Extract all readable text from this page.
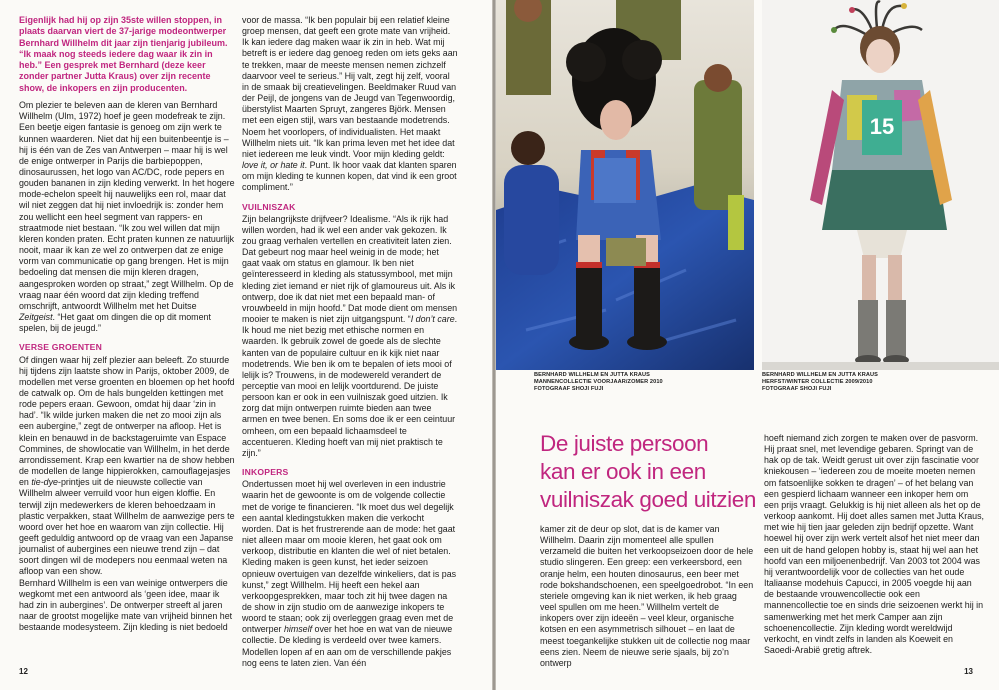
Eigenlijk had hij op zijn 35ste willen stoppen, in plaats daarvan viert de 37-jarige modeontwerper Bernhard Willhelm dit jaar zijn tienjarig jubileum. “Ik maak nog steeds iedere dag waar ik zin in heb.” Een gesprek met Bernhard (deze keer zonder partner Jutta Kraus) over zijn recente show, de inkopers en zijn producenten.

Om plezier te beleven aan de kleren van Bernhard Willhelm (Ulm, 1972) hoef je geen modefreak te zijn. Een beetje eigen fantasie is genoeg om zijn werk te kunnen waarderen. Niet dat hij een buitenbeentje is – hij is één van de Zes van Antwerpen – maar hij is wel de enige ontwerper in Parijs die barbiepoppen, dinosaurussen, het logo van AC/DC, rode pepers en gouden bananen in zijn kleding verwerkt. In het hogere mode-echelon speelt hij nauwelijks een rol, maar dat wil niet zeggen dat hij niet invloedrijk is: zonder hem zou wellicht een heel segment van rappers- en straatmode niet bestaan. “Ik zou wel willen dat mijn kleren konden praten. Echt praten kunnen ze natuurlijk nooit, maar ik kan ze wel zo ontwerpen dat ze enige vorm van communicatie op gang brengen. Het is mijn bedoeling dat mensen die mijn kleren dragen, aangesproken worden op straat,” zegt Willhelm. Op de vraag naar één woord dat zijn kleding treffend omschrijft, antwoordt Willhelm met het Duitse Zeitgeist. “Het gaat om dingen die op dit moment spelen, bij de jeugd.”

VERSE GROENTEN

Of dingen waar hij zelf plezier aan beleeft. Zo stuurde hij tijdens zijn laatste show in Parijs, oktober 2009, de modellen met verse groenten en bloemen op het hoofd de catwalk op. Om de hals bungelden kettingen met rode pepers eraan. Gewoon, omdat hij daar ‘zin in had’. “Ik wilde jurken maken die net zo mooi zijn als een aubergine,” zegt de ontwerper na afloop. Het is klein en benauwd in de backstageruimte van Espace Commines, de showlocatie van Willhelm, in het derde arrondissement. Krap een kwartier na de show hebben de modellen de lange hippierokken, camouflagejasjes en tie-dye-printjes uit de nieuwste collectie van Willhelm alweer verruild voor hun eigen kloffie. En terwijl zijn medewerkers de kleren behoedzaam in plastic verpakken, staat Willhelm de aanwezige pers te woord over het hoe en waarom van zijn collectie. Hij geeft geduldig antwoord op de vraag van een Japanse journalist of aubergines een nieuwe trend zijn – dat soort dingen wil de modepers nou eenmaal weten na afloop van een show.

Bernhard Willhelm is een van weinige ontwerpers die wegkomt met een antwoord als ‘geen idee, maar ik had zin in aubergines’. De ontwerper streeft al jaren naar de grootst mogelijke mate van vrijheid binnen het bestaande modesysteem. Zijn kleding is niet bedoeld

voor de massa. “Ik ben populair bij een relatief kleine groep mensen, dat geeft een grote mate van vrijheid. Ik kan iedere dag maken waar ik zin in heb. Wat mij betreft is er iedere dag genoeg reden om iets geks aan te trekken, maar de meeste mensen nemen zichzelf daarvoor veel te serieus.” Hij valt, zegt hij zelf, vooral in de smaak bij creatievelingen. Beeldmaker Ruud van der Peijl, de jongens van de Jeugd van Tegenwoordig, überstylist Maarten Spruyt, zangeres Björk. Mensen met een eigen stijl, wars van bestaande modetrends. Noem het voorlopers, of individualisten. Het maakt Willhelm niets uit. “Ik kan prima leven met het idee dat niet iedereen me leuk vindt. Voor mijn kleding geldt: love it, or hate it. Punt. Ik hoor vaak dat klanten sparen om mijn kleding te kunnen kopen, dat vind ik een groot compliment.”

VUILNISZAK

Zijn belangrijkste drijfveer? Idealisme. “Als ik rijk had willen worden, had ik wel een ander vak gekozen. Ik zou graag verhalen vertellen en creativiteit laten zien. Dat gebeurt nog maar heel weinig in de mode; het gaat vaak om status en glamour. Ik ben niet geïnteresseerd in kleding als statussymbool, met mijn kleding ziet iemand er niet rijk of glamoureus uit. Als ik ontwerp, doe ik dat niet met een bepaald man- of vrouwbeeld in mijn hoofd.” Dat mode dient om mensen mooier te maken is niet zijn uitgangspunt. “I don’t care. Ik houd me niet bezig met ethische normen en waarden. Ik gebruik zowel de goede als de slechte kanten van de populaire cultuur en ik kijk niet naar modetrends. Wie ben ik om te bepalen of iets mooi of lelijk is? Trouwens, in de modewereld verandert de perceptie van mooi en lelijk voortdurend. De juiste persoon kan er ook in een vuilniszak goed uitzien. Ik zorg dat mijn ontwerpen ruimte bieden aan twee armen en twee benen. En soms doe ik er een ceintuur omheen, om een bepaald lichaamsdeel te accentueren. Kleding hoeft van mij niet praktisch te zijn.”

INKOPERS

Ondertussen moet hij wel overleven in een industrie waarin het de gewoonte is om de volgende collectie met de vorige te financieren. “Ik moet dus wel degelijk een aantal kledingstukken maken die verkocht worden. Dat is het frustrerende aan de mode: het gaat niet alleen maar om mooie kleren, het gaat ook om verkoop, distributie en klanten die wel of niet betalen. Kleding maken is geen kunst, het ieder seizoen opnieuw overtuigen van dezelfde winkeliers, dat is pas kunst,” zegt Willhelm. Hij heeft een hekel aan verkoopgesprekken, maar toch zit hij twee dagen na de show in zijn studio om de aanwezige inkopers te woord te staan; ook zij overleggen graag even met de ontwerper himself over het hoe en wat van de nieuwe collectie. De kleding is verdeeld over twee kamers. Modellen lopen af en aan om de verschillende pakjes nog eens te laten zien. Van één

12
BERNHARD WILLHELM EN JUTTA KRAUS
MANNENCOLLECTIE VOORJAAR/ZOMER 2010
FOTOGRAAF SHOJI FUJI
15
BERNHARD WILLHELM EN JUTTA KRAUS
HERFST/WINTER COLLECTIE 2009/2010
FOTOGRAAF SHOJI FUJI
De juiste persoon
kan er ook in een
vuilniszak goed uitzien

kamer zit de deur op slot, dat is de kamer van Willhelm. Daarin zijn momenteel alle spullen verzameld die buiten het verkoopseizoen door de hele studio slingeren. Een greep: een verkeersbord, een oranje helm, een houten dinosaurus, een beer met rode bokshandschoenen, een speelgoedrobot. “In een steriele omgeving kan ik niet werken, ik heb graag veel spullen om me heen.” Willhelm vertelt de inkopers over zijn ideeën – veel kleur, organische kotsen en een asymmetrisch silhouet – en laat de meest toegankelijke stukken uit de collectie nog maar eens zien. Neem de nieuwe serie sjaals, bij zo’n ontwerp

hoeft niemand zich zorgen te maken over de pasvorm. Hij praat snel, met levendige gebaren. Springt van de hak op de tak. Weidt gerust uit over zijn fascinatie voor kniekousen – ‘iedereen zou de moeite moeten nemen om fatsoenlijke sokken te dragen’ – of het belang van een gespierd lichaam wanneer een inkoper hem om een prijs vraagt. Gelukkig is hij niet alleen als het op de verkoop aankomt. Hij doet alles samen met Jutta Kraus, met wie hij tien jaar geleden zijn bedrijf opzette. Want hoewel hij over zijn werk vertelt alsof het niet meer dan een uit de hand gelopen hobby is, staat hij wel aan het hoofd van een miljoenenbedrijf. Van 2003 tot 2004 was hij verantwoordelijk voor de collecties van het oude Italiaanse modehuis Capucci, in 2005 voegde hij aan de bestaande vrouwencollectie ook een mannencollectie toe en sinds drie seizoenen werkt hij in samenwerking met het merk Camper aan zijn schoenencollectie. Zijn kleding wordt wereldwijd verkocht, en vindt zelfs in landen als Koeweit en Saoedi-Arabië gretig aftrek.

13
